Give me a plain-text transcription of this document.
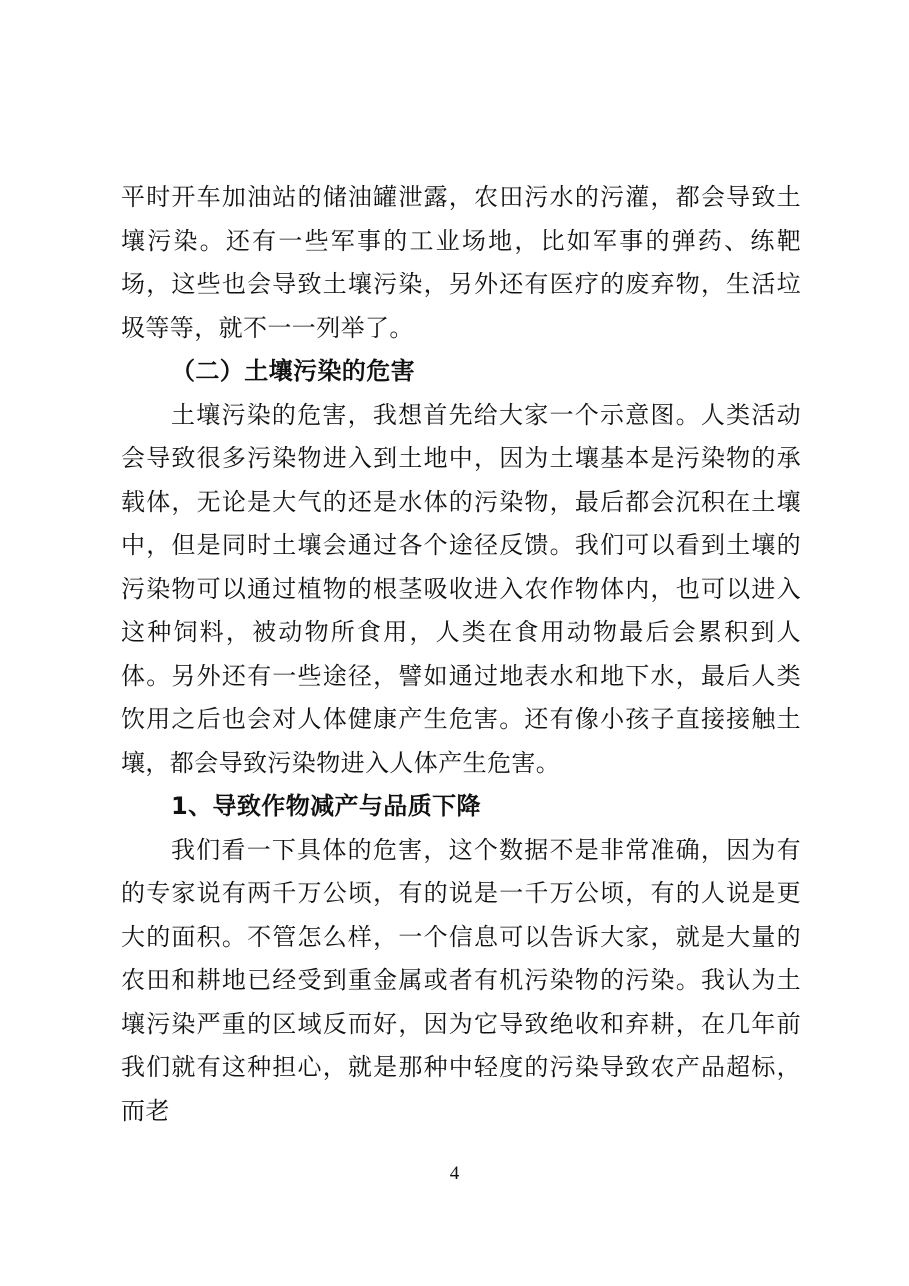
平时开车加油站的储油罐泄露，农田污水的污灌，都会导致土壤污染。还有一些军事的工业场地，比如军事的弹药、练靶场，这些也会导致土壤污染，另外还有医疗的废弃物，生活垃圾等等，就不一一列举了。

（二）土壤污染的危害

土壤污染的危害，我想首先给大家一个示意图。人类活动会导致很多污染物进入到土地中，因为土壤基本是污染物的承载体，无论是大气的还是水体的污染物，最后都会沉积在土壤中，但是同时土壤会通过各个途径反馈。我们可以看到土壤的污染物可以通过植物的根茎吸收进入农作物体内，也可以进入这种饲料，被动物所食用，人类在食用动物最后会累积到人体。另外还有一些途径，譬如通过地表水和地下水，最后人类饮用之后也会对人体健康产生危害。还有像小孩子直接接触土壤，都会导致污染物进入人体产生危害。

1、导致作物减产与品质下降

我们看一下具体的危害，这个数据不是非常准确，因为有的专家说有两千万公顷，有的说是一千万公顷，有的人说是更大的面积。不管怎么样，一个信息可以告诉大家，就是大量的农田和耕地已经受到重金属或者有机污染物的污染。我认为土壤污染严重的区域反而好，因为它导致绝收和弃耕，在几年前我们就有这种担心，就是那种中轻度的污染导致农产品超标，而老

4
